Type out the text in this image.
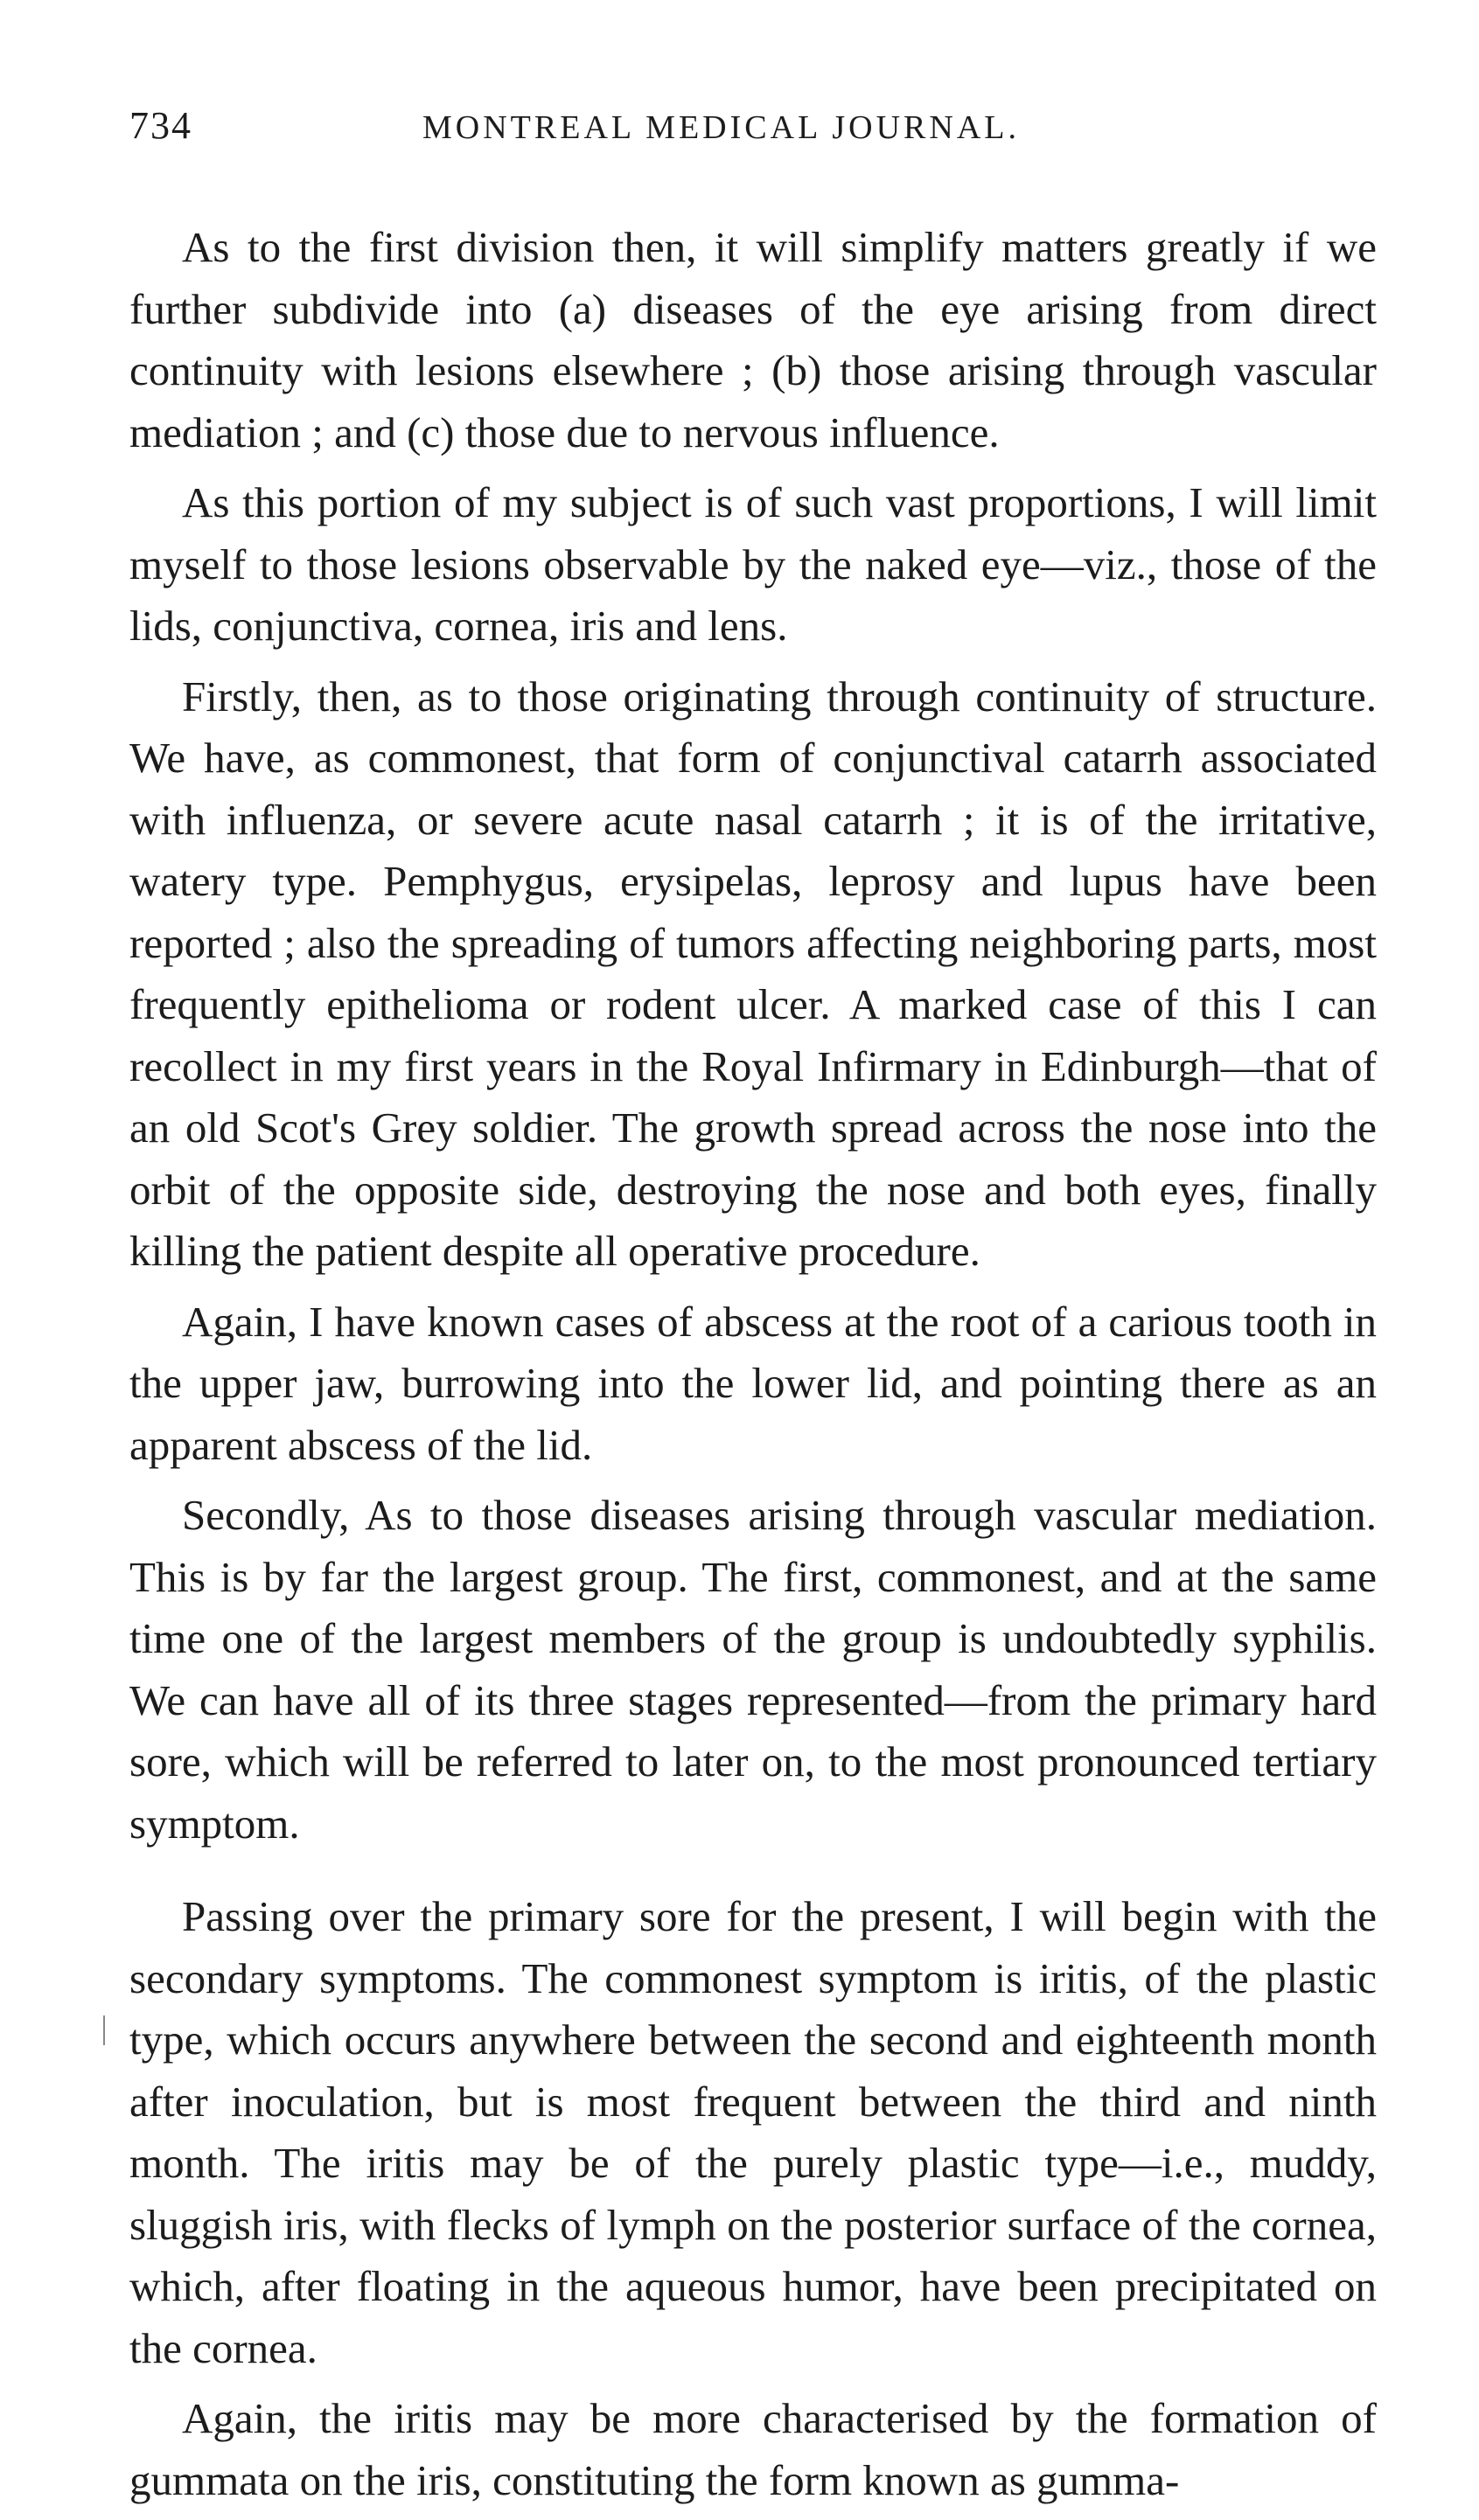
734	MONTREAL MEDICAL JOURNAL.

As to the first division then, it will simplify matters greatly if we further subdivide into (a) diseases of the eye arising from direct continuity with lesions elsewhere ; (b) those arising through vascular mediation ; and (c) those due to nervous influence.

As this portion of my subject is of such vast proportions, I will limit myself to those lesions observable by the naked eye—viz., those of the lids, conjunctiva, cornea, iris and lens.

Firstly, then, as to those originating through continuity of structure. We have, as commonest, that form of conjunctival catarrh associated with influenza, or severe acute nasal catarrh ; it is of the irritative, watery type. Pemphygus, erysipelas, leprosy and lupus have been reported ; also the spreading of tumors affecting neighboring parts, most frequently epithelioma or rodent ulcer. A marked case of this I can recollect in my first years in the Royal Infirmary in Edinburgh—that of an old Scot's Grey soldier. The growth spread across the nose into the orbit of the opposite side, destroying the nose and both eyes, finally killing the patient despite all operative procedure.

Again, I have known cases of abscess at the root of a carious tooth in the upper jaw, burrowing into the lower lid, and pointing there as an apparent abscess of the lid.

Secondly, As to those diseases arising through vascular mediation. This is by far the largest group. The first, commonest, and at the same time one of the largest members of the group is undoubtedly syphilis. We can have all of its three stages represented—from the primary hard sore, which will be referred to later on, to the most pronounced tertiary symptom.

Passing over the primary sore for the present, I will begin with the secondary symptoms. The commonest symptom is iritis, of the plastic type, which occurs anywhere between the second and eighteenth month after inoculation, but is most frequent between the third and ninth month. The iritis may be of the purely plastic type—i.e., muddy, sluggish iris, with flecks of lymph on the posterior surface of the cornea, which, after floating in the aqueous humor, have been precipitated on the cornea.

Again, the iritis may be more characterised by the formation of gummata on the iris, constituting the form known as gumma-
